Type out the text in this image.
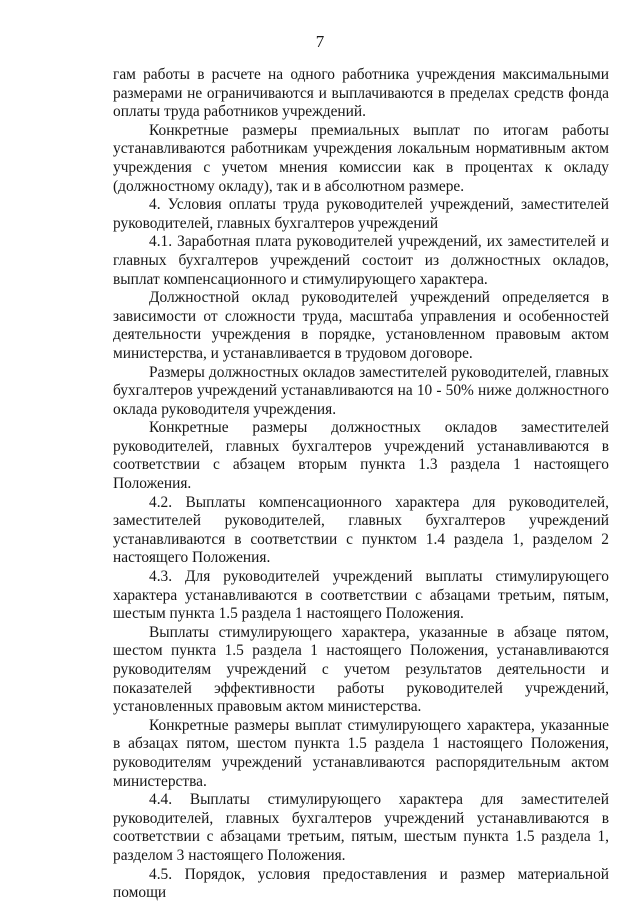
7

гам работы в расчете на одного работника учреждения максимальными размерами не ограничиваются и выплачиваются в пределах средств фонда оплаты труда работников учреждений.

Конкретные размеры премиальных выплат по итогам работы устанавливаются работникам учреждения локальным нормативным актом учреждения с учетом мнения комиссии как в процентах к окладу (должностному окладу), так и в абсолютном размере.

4. Условия оплаты труда руководителей учреждений, заместителей руководителей, главных бухгалтеров учреждений

4.1. Заработная плата руководителей учреждений, их заместителей и главных бухгалтеров учреждений состоит из должностных окладов, выплат компенсационного и стимулирующего характера.

Должностной оклад руководителей учреждений определяется в зависимости от сложности труда, масштаба управления и особенностей деятельности учреждения в порядке, установленном правовым актом министерства, и устанавливается в трудовом договоре.

Размеры должностных окладов заместителей руководителей, главных бухгалтеров учреждений устанавливаются на 10 - 50% ниже должностного оклада руководителя учреждения.

Конкретные размеры должностных окладов заместителей руководителей, главных бухгалтеров учреждений устанавливаются в соответствии с абзацем вторым пункта 1.3 раздела 1 настоящего Положения.

4.2. Выплаты компенсационного характера для руководителей, заместителей руководителей, главных бухгалтеров учреждений устанавливаются в соответствии с пунктом 1.4 раздела 1, разделом 2 настоящего Положения.

4.3. Для руководителей учреждений выплаты стимулирующего характера устанавливаются в соответствии с абзацами третьим, пятым, шестым пункта 1.5 раздела 1 настоящего Положения.

Выплаты стимулирующего характера, указанные в абзаце пятом, шестом пункта 1.5 раздела 1 настоящего Положения, устанавливаются руководителям учреждений с учетом результатов деятельности и показателей эффективности работы руководителей учреждений, установленных правовым актом министерства.

Конкретные размеры выплат стимулирующего характера, указанные в абзацах пятом, шестом пункта 1.5 раздела 1 настоящего Положения, руководителям учреждений устанавливаются распорядительным актом министерства.

4.4. Выплаты стимулирующего характера для заместителей руководителей, главных бухгалтеров учреждений устанавливаются в соответствии с абзацами третьим, пятым, шестым пункта 1.5 раздела 1, разделом 3 настоящего Положения.

4.5. Порядок, условия предоставления и размер материальной помощи
